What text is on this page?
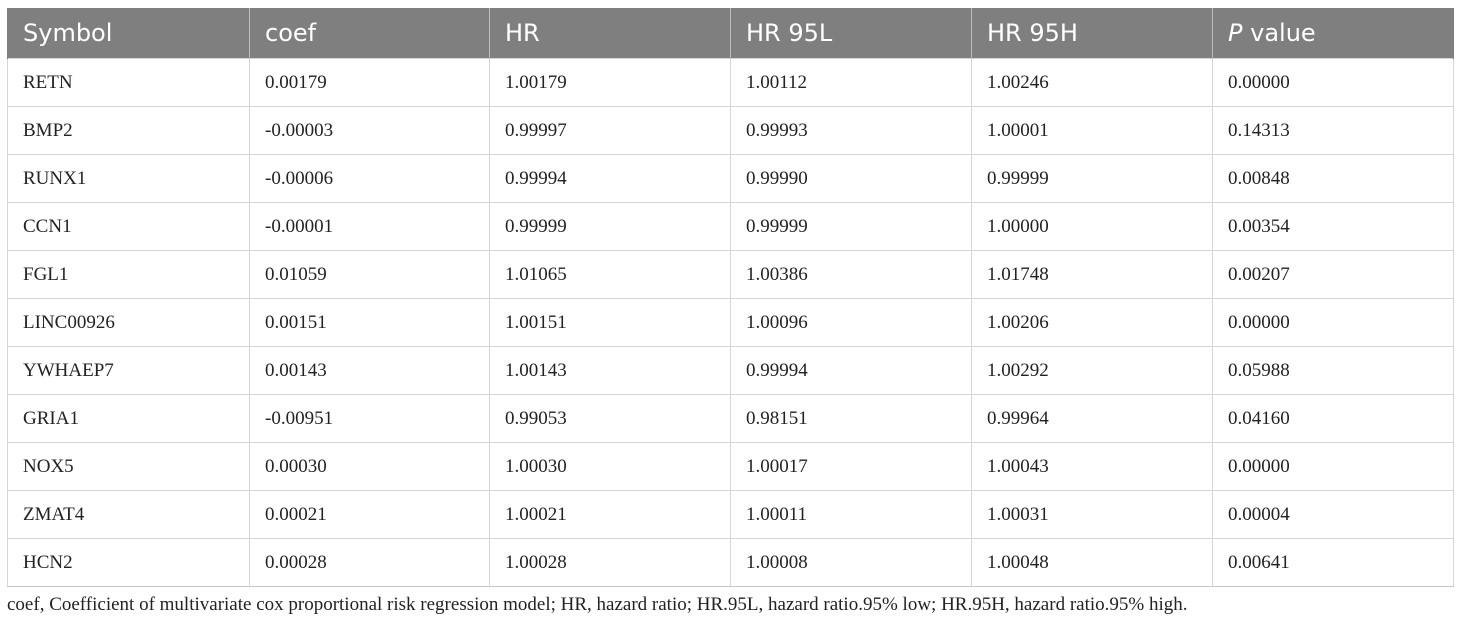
Symbol	coef	HR	HR 95L	HR 95H	P value
RETN	0.00179	1.00179	1.00112	1.00246	0.00000
BMP2	-0.00003	0.99997	0.99993	1.00001	0.14313
RUNX1	-0.00006	0.99994	0.99990	0.99999	0.00848
CCN1	-0.00001	0.99999	0.99999	1.00000	0.00354
FGL1	0.01059	1.01065	1.00386	1.01748	0.00207
LINC00926	0.00151	1.00151	1.00096	1.00206	0.00000
YWHAEP7	0.00143	1.00143	0.99994	1.00292	0.05988
GRIA1	-0.00951	0.99053	0.98151	0.99964	0.04160
NOX5	0.00030	1.00030	1.00017	1.00043	0.00000
ZMAT4	0.00021	1.00021	1.00011	1.00031	0.00004
HCN2	0.00028	1.00028	1.00008	1.00048	0.00641
coef, Coefficient of multivariate cox proportional risk regression model; HR, hazard ratio; HR.95L, hazard ratio.95% low; HR.95H, hazard ratio.95% high.
